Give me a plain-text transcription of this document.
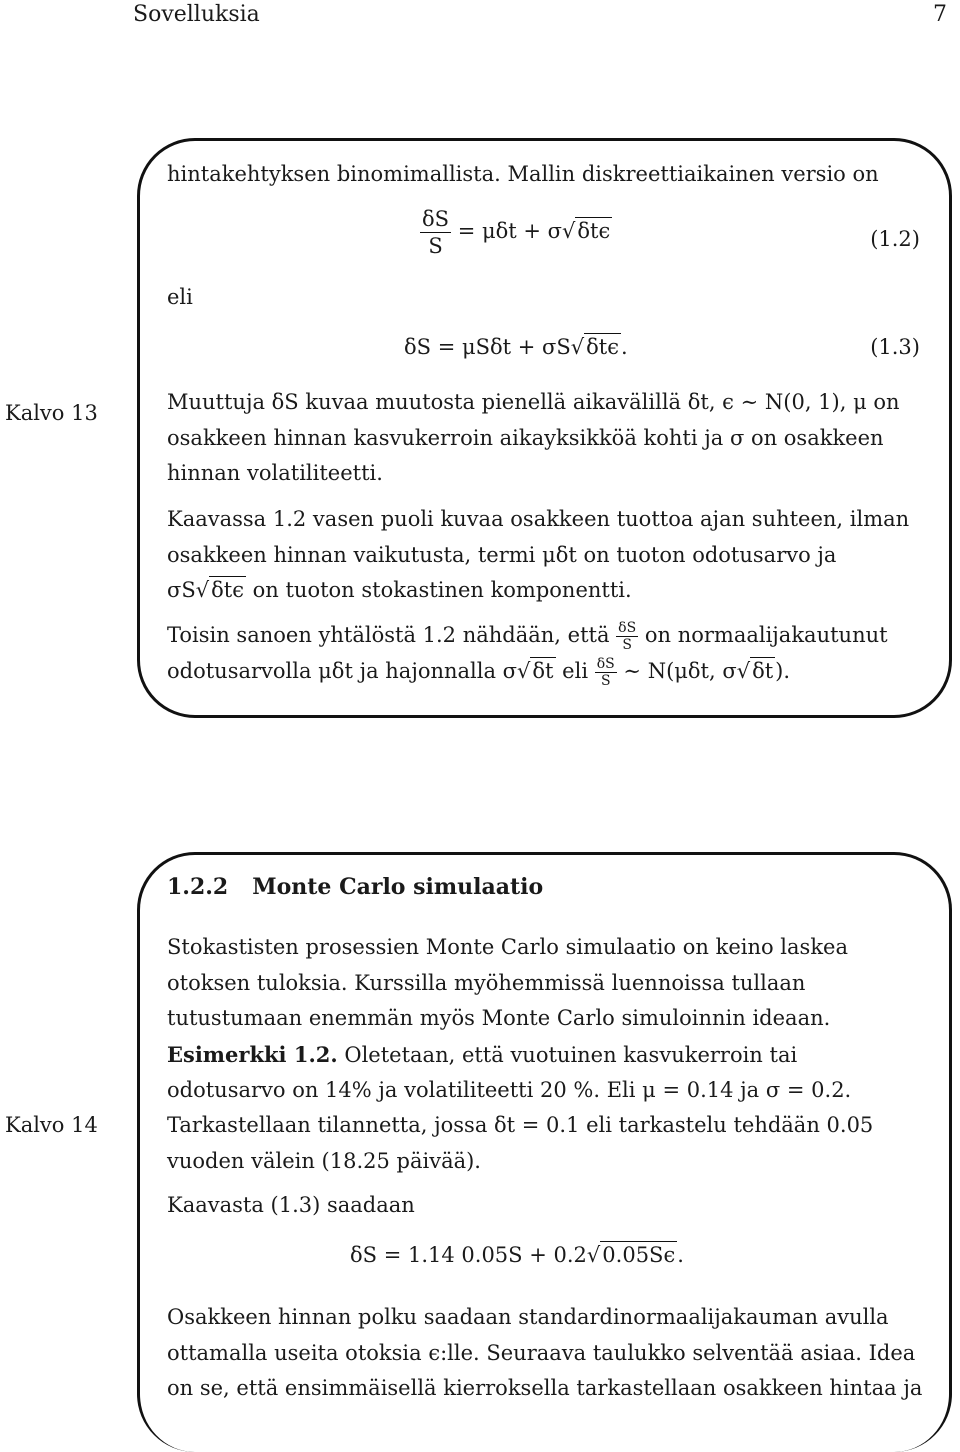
Sovelluksia	7
Kalvo 13
hintakehtyksen binomimallista. Mallin diskreettiaikainen versio on
$\frac{\delta S}{S} = \mu\delta t + \sigma√\delta t\epsilon$	(1.2)
eli
δS = μSδt + σS√δtϵ.	(1.3)
Muuttuja δS kuvaa muutosta pienellä aikavälillä δt, ϵ ∼ N(0, 1), μ on
osakkeen hinnan kasvukerroin aikayksikköä kohti ja σ on osakkeen
hinnan volatiliteetti.
Kaavassa 1.2 vasen puoli kuvaa osakkeen tuottoa ajan suhteen, ilman
osakkeen hinnan vaikutusta, termi μδt on tuoton odotusarvo ja
σS√δtϵ on tuoton stokastinen komponentti.
Toisin sanoen yhtälöstä 1.2 nähdään, että $\frac{\delta S}{S}$ on normaalijakautunut
odotusarvolla μδt ja hajonnalla σ√δt eli $\frac{\delta S}{S}$ ∼ N(μδt, σ√δt).
Kalvo 14
1.2.2 Monte Carlo simulaatio
Stokastisten prosessien Monte Carlo simulaatio on keino laskea
otoksen tuloksia. Kurssilla myöhemmissä luennoissa tullaan
tutustumaan enemmän myös Monte Carlo simuloinnin ideaan.
Esimerkki 1.2. Oletetaan, että vuotuinen kasvukerroin tai
odotusarvo on 14% ja volatiliteetti 20 %. Eli μ = 0.14 ja σ = 0.2.
Tarkastellaan tilannetta, jossa δt = 0.1 eli tarkastelu tehdään 0.05
vuoden välein (18.25 päivää).
Kaavasta (1.3) saadaan
δS = 1.14 0.05S + 0.2√0.05Sϵ.
Osakkeen hinnan polku saadaan standardinormaalijakauman avulla
ottamalla useita otoksia ϵ:lle. Seuraava taulukko selventää asiaa. Idea
on se, että ensimmäisellä kierroksella tarkastellaan osakkeen hintaa ja
